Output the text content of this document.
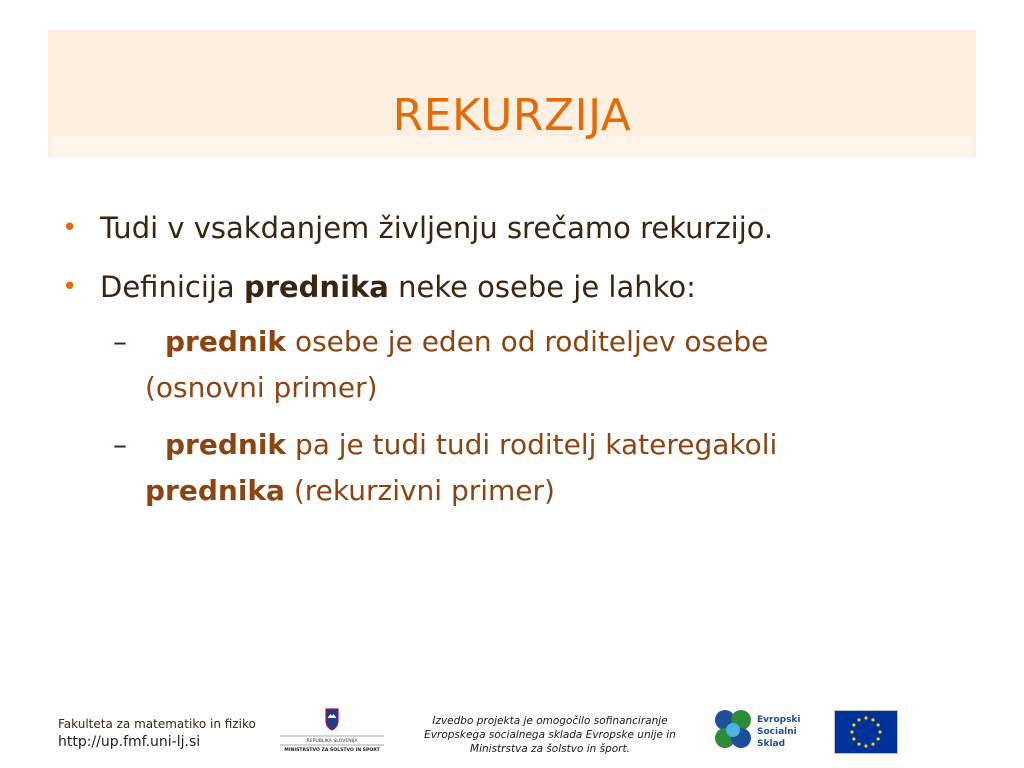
REKURZIJA
• Tudi v vsakdanjem življenju srečamo rekurzijo.
• Definicija prednika neke osebe je lahko:
–	prednik osebe je eden od roditeljev osebe (osnovni primer)
–	prednik pa je tudi tudi roditelj kateregakoli prednika (rekurzivni primer)
Fakulteta za matematiko in fiziko
http://up.fmf.uni-lj.si	REPUBLIKA SLOVENIJA
MINISTRSTVO ZA ŠOLSTVO IN ŠPORT
Izvedbo projekta je omogočilo sofinanciranje Evropskega socialnega sklada Evropske unije in Ministrstva za šolstvo in šport.
Evropski
Socialni
Sklad
